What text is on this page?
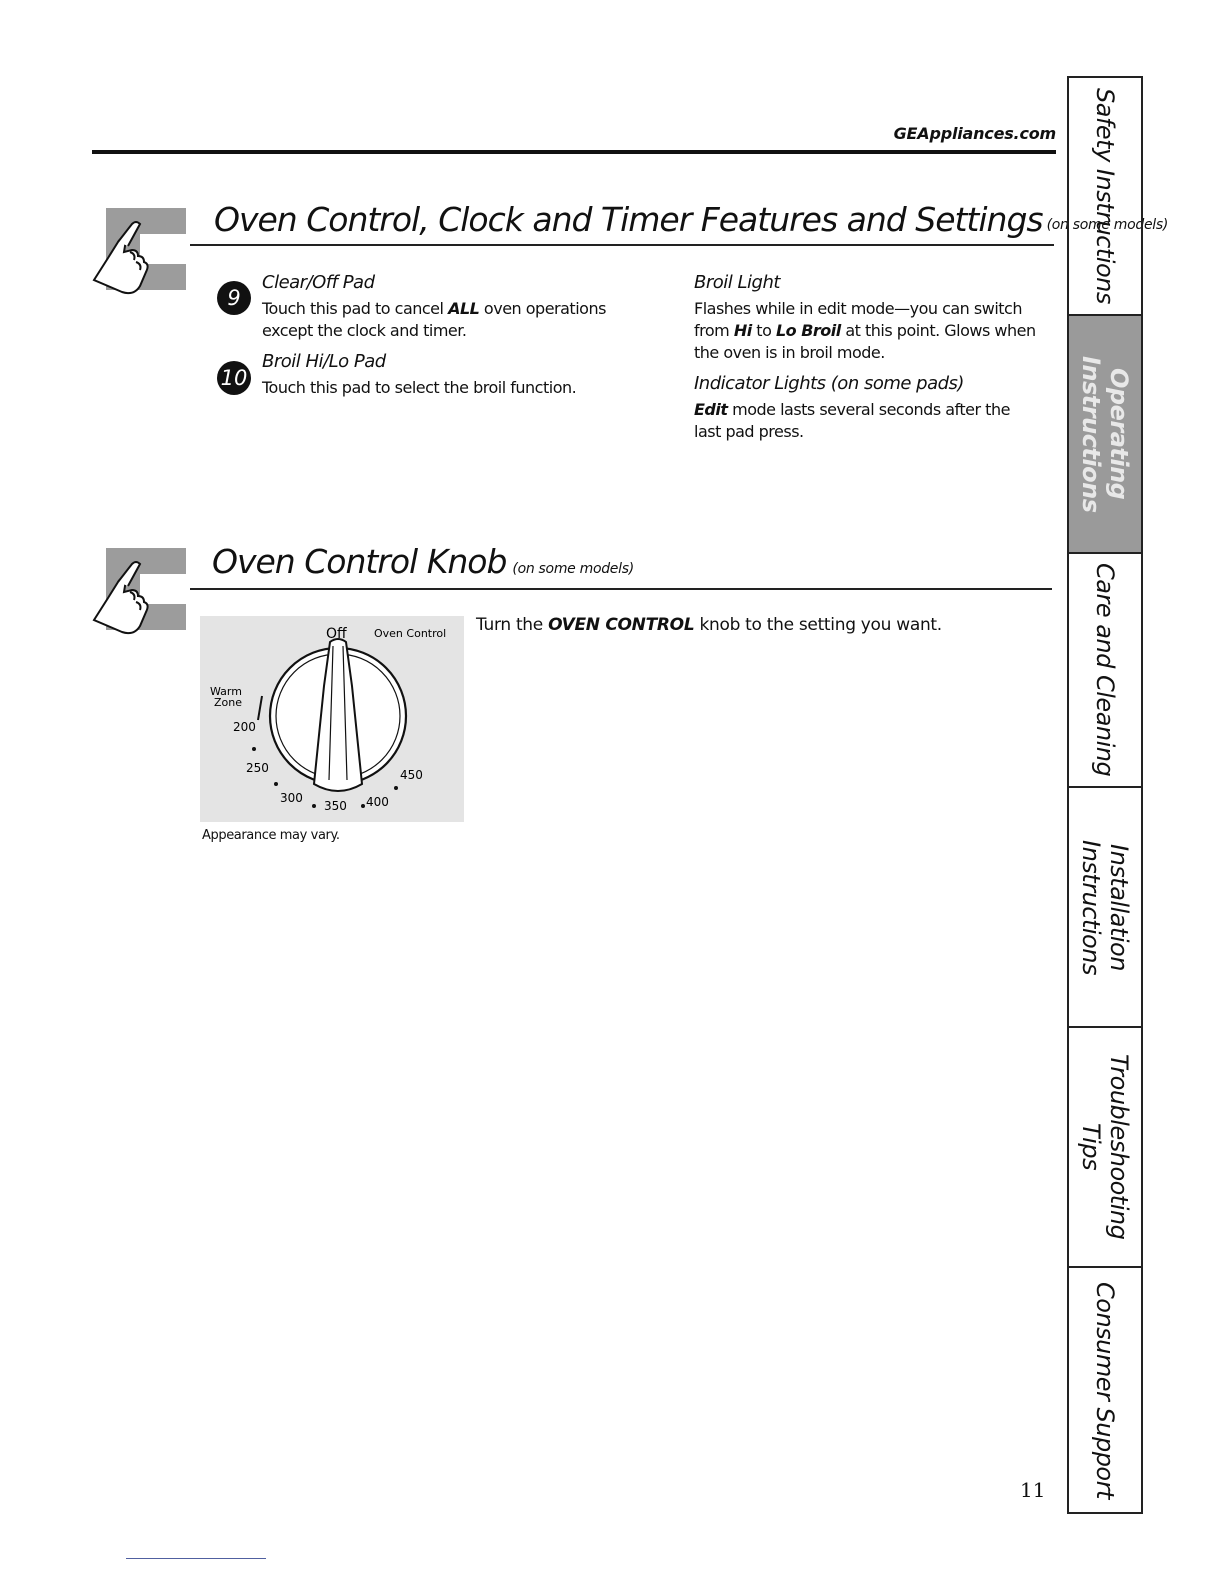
GEAppliances.com
Oven Control, Clock and Timer Features and Settings (on some models)
9
Clear/Off Pad
Touch this pad to cancel ALL oven operations except the clock and timer.
10
Broil Hi/Lo Pad
Touch this pad to select the broil function.
Broil Light
Flashes while in edit mode—you can switch from Hi to Lo Broil at this point. Glows when the oven is in broil mode.
Indicator Lights (on some pads)
Edit mode lasts several seconds after the last pad press.
Oven Control Knob (on some models)
Off Oven Control
Warm
Zone
200
250
300
350 400
450
Appearance may vary.
Turn the OVEN CONTROL knob to the setting you want.
Safety Instructions
Operating
Instructions
Care and Cleaning
Installation
Instructions
Troubleshooting
Tips
Consumer Support
11
